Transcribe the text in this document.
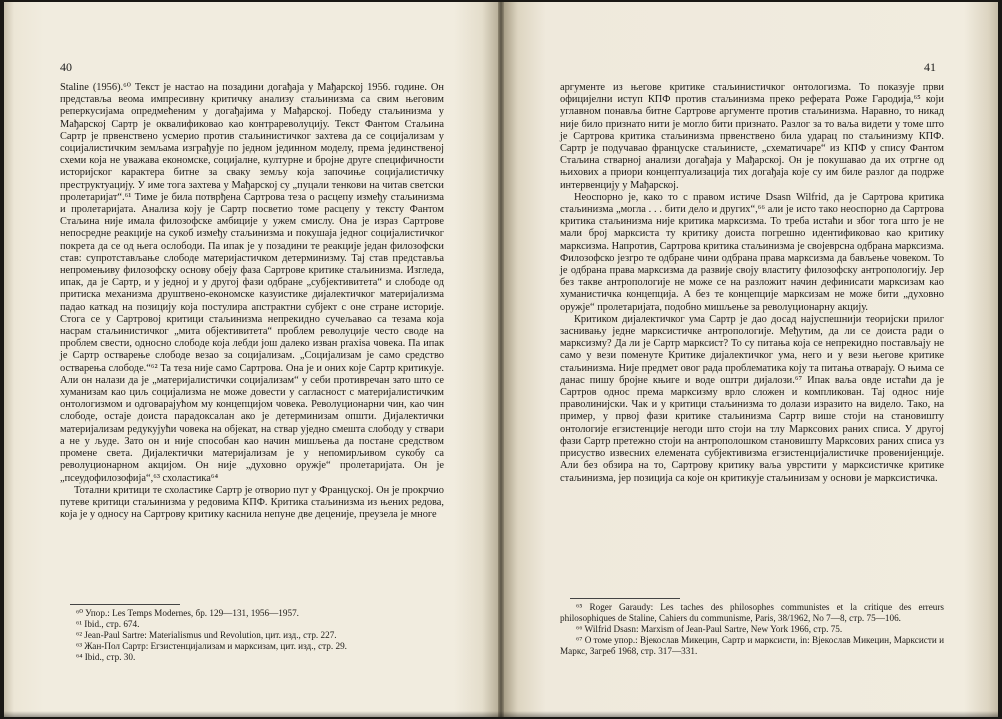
40

Staline (1956).⁶⁰ Текст је настао на позадини догађаја у Мађарској 1956. године. Он представља веома импресивну критичку анализу стаљинизма са свим његовим реперкусијама опредмећеним у догађајима у Мађарској. Победу стаљинизма у Мађарској Сартр је оквалификовао као контрареволуцију. Текст Фантом Стаљина Сартр је првенствено усмерио против стаљинистичког захтева да се социјализам у социјалистичким земљама изграђује по једном јединном моделу, према јединственој схеми која не уважава економске, социјалне, културне и бројне друге специфичности историјског карактера битне за сваку земљу која започиње социјалистичку преструктуацију. У име тога захтева у Мађарској су „пуцали тенкови на читав светски пролетаријат“.⁶¹ Тиме је била потврђена Сартрова теза о расцепу између стаљинизма и пролетаријата. Анализа коју је Сартр посветио томе расцепу у тексту Фантом Стаљина није имала филозофске амбиције у ужем смислу. Она је израз Сартрове непосредне реакције на сукоб између стаљинизма и покушаја једног социјалистичког покрета да се од њега ослободи. Па ипак је у позадини те реакције један филозофски став: супротстављање слободе материјастичком детерминизму. Тај став представља непромењиву филозофску основу обеју фаза Сартрове критике стаљинизма. Изгледа, ипак, да је Сартр, и у једној и у другој фази одбране „субјективитета“ и слободе од притиска механизма друштвено-економске казуистике дијалектичког материјализма падао каткад на позицију која постулира апстрактни субјект с оне стране историје. Стога се у Сартровој критици стаљинизма непрекидно сучељавао са тезама која насрам стаљинистичког „мита објективитета“ проблем револуције често своде на проблем свести, односно слободе која лебди још далеко изван praxisa човека. Па ипак је Сартр остварење слободе везао за социјализам. „Социјализам је само средство остварења слободе.“⁶² Та теза није само Сартрова. Она је и оних које Сартр критикује. Али он налази да је „материјалистички социјализам“ у себи противречан зато што се хуманизам као циљ социјализма не може довести у сагласност с материјалистичким онтологизмом и одговарајућом му концепцијом човека. Револуционарни чин, као чин слободе, остаје доиста парадоксалан ако је детерминизам општи. Дијалектички материјализам редукујући човека на објекат, на ствар уједно смешта слободу у ствари а не у људе. Зато он и није способан као начин мишљења да постане средством промене света. Дијалектички материјализам је у непомирљивом сукобу са револуционарном акцијом. Он није „духовно оружје“ пролетаријата. Он је „псеудофилозофија“,⁶³ схоластика⁶⁴

Тотални критици те схоластике Сартр је отворио пут у Француској. Он је прокрчио путеве критици стаљинизма у редовима КПФ. Критика стаљинизма из њених редова, која је у односу на Сартрову критику каснила непуне две деценије, преузела је многе

⁶⁰ Упор.: Les Temps Modernes, бр. 129—131, 1956—1957.

⁶¹ Ibid., стр. 674.

⁶² Jean-Paul Sartre: Materialismus und Revolution, цит. изд., стр. 227.

⁶³ Жан-Пол Сартр: Егзистенцијализам и марксизам, цит. изд., стр. 29.

⁶⁴ Ibid., стр. 30.

41

аргументе из његове критике стаљинистичког онтологизма. То показује први официјелни иступ КПФ против стаљинизма преко реферата Роже Гародија,⁶⁵ који углавном понавља битне Сартрове аргументе против стаљинизма. Наравно, то никад није било признато нити је могло бити признато. Разлог за то ваља видети у томе што је Сартрова критика стаљинизма првенствено била ударац по стаљинизму КПФ. Сартр је подучавао француске стаљинисте, „схематичаре“ из КПФ у спису Фантом Стаљина стварној анализи догађаја у Мађарској. Он је покушавао да их отргне од њихових а приори концептуализација тих догађаја које су им биле разлог да подрже интервенцију у Мађарској.

Неоспорно је, како то с правом истиче Dsasn Wilfrid, да је Сартрова критика стаљинизма „могла . . . бити дело и других“,⁶⁶ али је исто тако неоспорно да Сартрова критика стаљинизма није критика марксизма. То треба истаћи и због тога што је не мали број марксиста ту критику доиста погрешно идентификовао као критику марксизма. Напротив, Сартрова критика стаљинизма је својеврсна одбрана марксизма. Филозофско језгро те одбране чини одбрана права марксизма да бављење човеком. То је одбрана права марксизма да развије своју властиту филозофску антропологију. Јер без такве антропологије не може се на разложит начин дефинисати марксизам као хуманистичка концепција. А без те концепције марксизам не може бити „духовно оружје“ пролетаријата, подобно мишљење за револуционарну акцију.

Критиком дијалектичког ума Сартр је дао досад најуспешнији теоријски прилог заснивању једне марксистичке антропологије. Међутим, да ли се доиста ради о марксизму? Да ли је Сартр марксист? То су питања која се непрекидно постављају не само у вези поменуте Критике дијалектичког ума, него и у вези његове критике стаљинизма. Није предмет овог рада проблематика коју та питања отварају. О њима се данас пишу бројне књиге и воде оштри дијалози.⁶⁷ Ипак ваља овде истаћи да је Сартров однос према марксизму врло сложен и компликован. Тај однос није праволинијски. Чак и у критици стаљинизма то долази изразито на видело. Тако, на пример, у првој фази критике стаљинизма Сартр више стоји на становишту онтологије егзистенције негоди што стоји на тлу Марксових раних списа. У другој фази Сартр претежно стоји на антрополошком становишту Марксових раних списа уз присуство извесних елемената субјективизма егзистенцијалистичке провенијенције. Али без обзира на то, Сартрову критику ваља уврстити у марксистичке критике стаљинизма, јер позиција са које он критикује стаљинизам у основи је марксистичка.

⁶⁵ Roger Garaudy: Les taches des philosophes communistes et la critique des erreurs philosophiques de Staline, Cahiers du communisme, Paris, 38/1962, No 7—8, стр. 75—106.

⁶⁶ Wilfrid Dsasn: Marxism of Jean-Paul Sartre, New York 1966, стр. 75.

⁶⁷ О томе упор.: Вјекослав Микецин, Сартр и марксисти, in: Вјекослав Микецин, Марксисти и Маркс, Загреб 1968, стр. 317—331.
